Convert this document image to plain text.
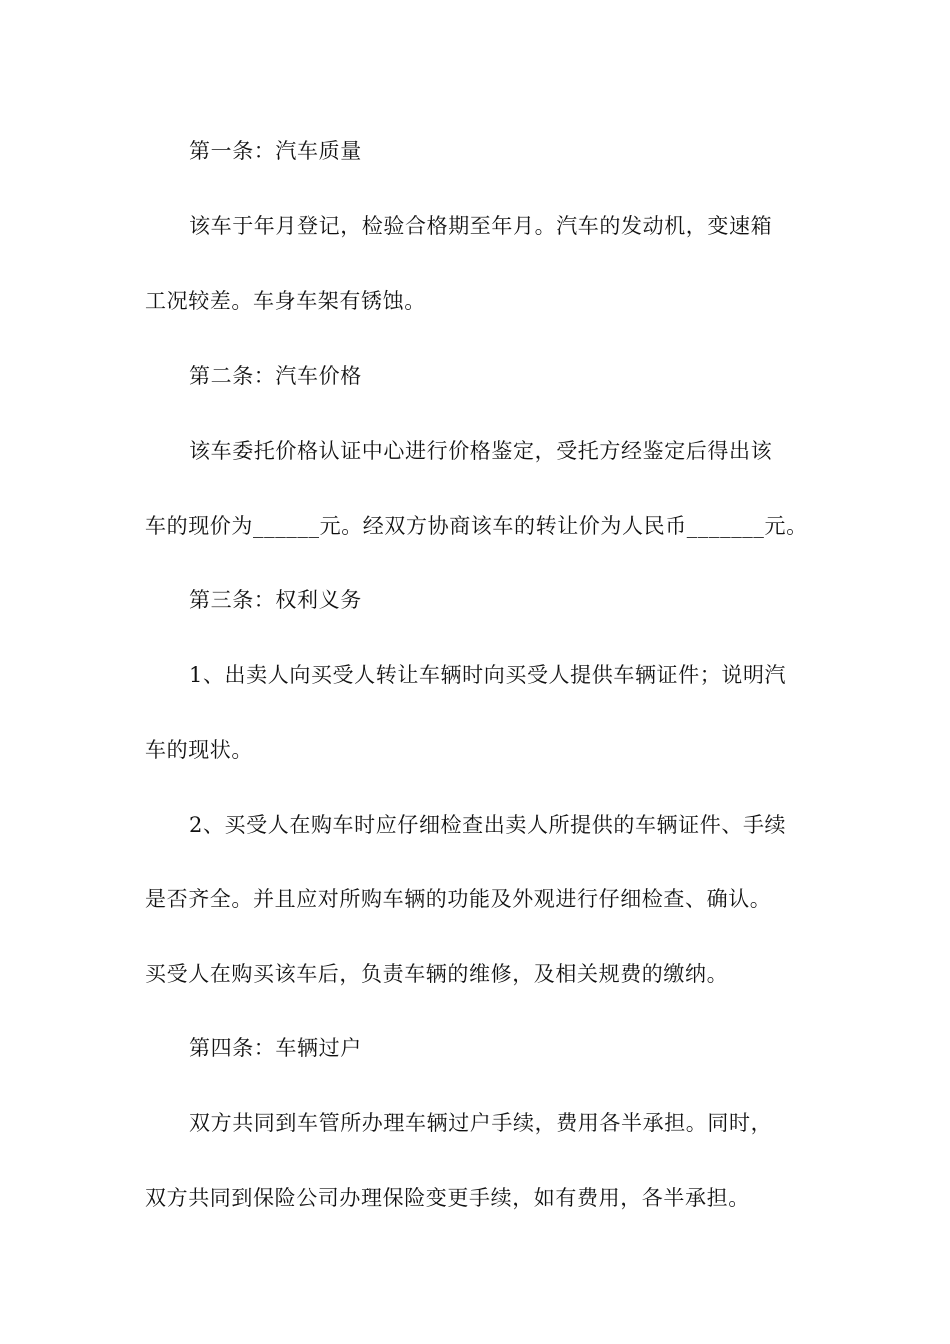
第一条：汽车质量

该车于年月登记，检验合格期至年月。汽车的发动机，变速箱

工况较差。车身车架有锈蚀。

第二条：汽车价格

该车委托价格认证中心进行价格鉴定，受托方经鉴定后得出该

车的现价为______元。经双方协商该车的转让价为人民币_______元。

第三条：权利义务

1、出卖人向买受人转让车辆时向买受人提供车辆证件；说明汽

车的现状。

2、买受人在购车时应仔细检查出卖人所提供的车辆证件、手续

是否齐全。并且应对所购车辆的功能及外观进行仔细检查、确认。

买受人在购买该车后，负责车辆的维修，及相关规费的缴纳。

第四条：车辆过户

双方共同到车管所办理车辆过户手续，费用各半承担。同时，

双方共同到保险公司办理保险变更手续，如有费用，各半承担。
